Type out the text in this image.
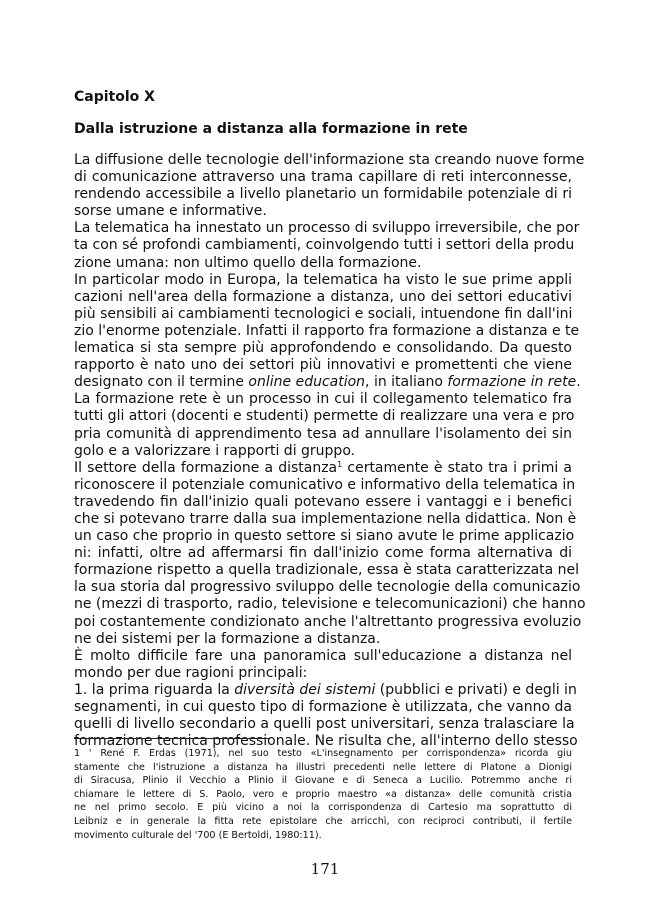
Capitolo X
Dalla istruzione a distanza alla formazione in rete
La diffusione delle tecnologie dell'informazione sta creando nuove forme
di comunicazione attraverso una trama capillare di reti interconnesse,
rendendo accessibile a livello planetario un formidabile potenziale di ri
sorse umane e informative.
La telematica ha innestato un processo di sviluppo irreversibile, che por
ta con sé profondi cambiamenti, coinvolgendo tutti i settori della produ
zione umana: non ultimo quello della formazione.
In particolar modo in Europa, la telematica ha visto le sue prime appli
cazioni nell'area della formazione a distanza, uno dei settori educativi
più sensibili ai cambiamenti tecnologici e sociali, intuendone fin dall'ini
zio l'enorme potenziale. Infatti il rapporto fra formazione a distanza e te
lematica si sta sempre più approfondendo e consolidando. Da questo
rapporto è nato uno dei settori più innovativi e promettenti che viene
designato con il termine online education, in italiano formazione in rete.
La formazione rete è un processo in cui il collegamento telematico fra
tutti gli attori (docenti e studenti) permette di realizzare una vera e pro
pria comunità di apprendimento tesa ad annullare l'isolamento dei sin
golo e a valorizzare i rapporti di gruppo.
Il settore della formazione a distanza$^1$ certamente è stato tra i primi a
riconoscere il potenziale comunicativo e informativo della telematica in
travedendo fin dall'inizio quali potevano essere i vantaggi e i benefici
che si potevano trarre dalla sua implementazione nella didattica. Non è
un caso che proprio in questo settore si siano avute le prime applicazio
ni: infatti, oltre ad affermarsi fin dall'inizio come forma alternativa di
formazione rispetto a quella tradizionale, essa è stata caratterizzata nel
la sua storia dal progressivo sviluppo delle tecnologie della comunicazio
ne (mezzi di trasporto, radio, televisione e telecomunicazioni) che hanno
poi costantemente condizionato anche l'altrettanto progressiva evoluzio
ne dei sistemi per la formazione a distanza.
È molto difficile fare una panoramica sull'educazione a distanza nel
mondo per due ragioni principali:
1. la prima riguarda la diversità dei sistemi (pubblici e privati) e degli in
segnamenti, in cui questo tipo di formazione è utilizzata, che vanno da
quelli di livello secondario a quelli post universitari, senza tralasciare la
formazione tecnica professionale. Ne risulta che, all'interno dello stesso
1 ' René F. Erdas (1971), nel suo testo «L'insegnamento per corrispondenza» ricorda giu
stamente che l'istruzione a distanza ha illustri precedenti nelle lettere di Platone a Dionigi
di Siracusa, Plinio il Vecchio a Plinio il Giovane e di Seneca a Lucilio. Potremmo anche ri
chiamare le lettere di S. Paolo, vero e proprio maestro «a distanza» delle comunità cristia
ne nel primo secolo. E più vicino a noi la corrispondenza di Cartesio ma soprattutto di
Leibniz e in generale la fitta rete epistolare che arricchì, con reciproci contributi, il fertile
movimento culturale del '700 (E Bertoldi, 1980:11).
171
